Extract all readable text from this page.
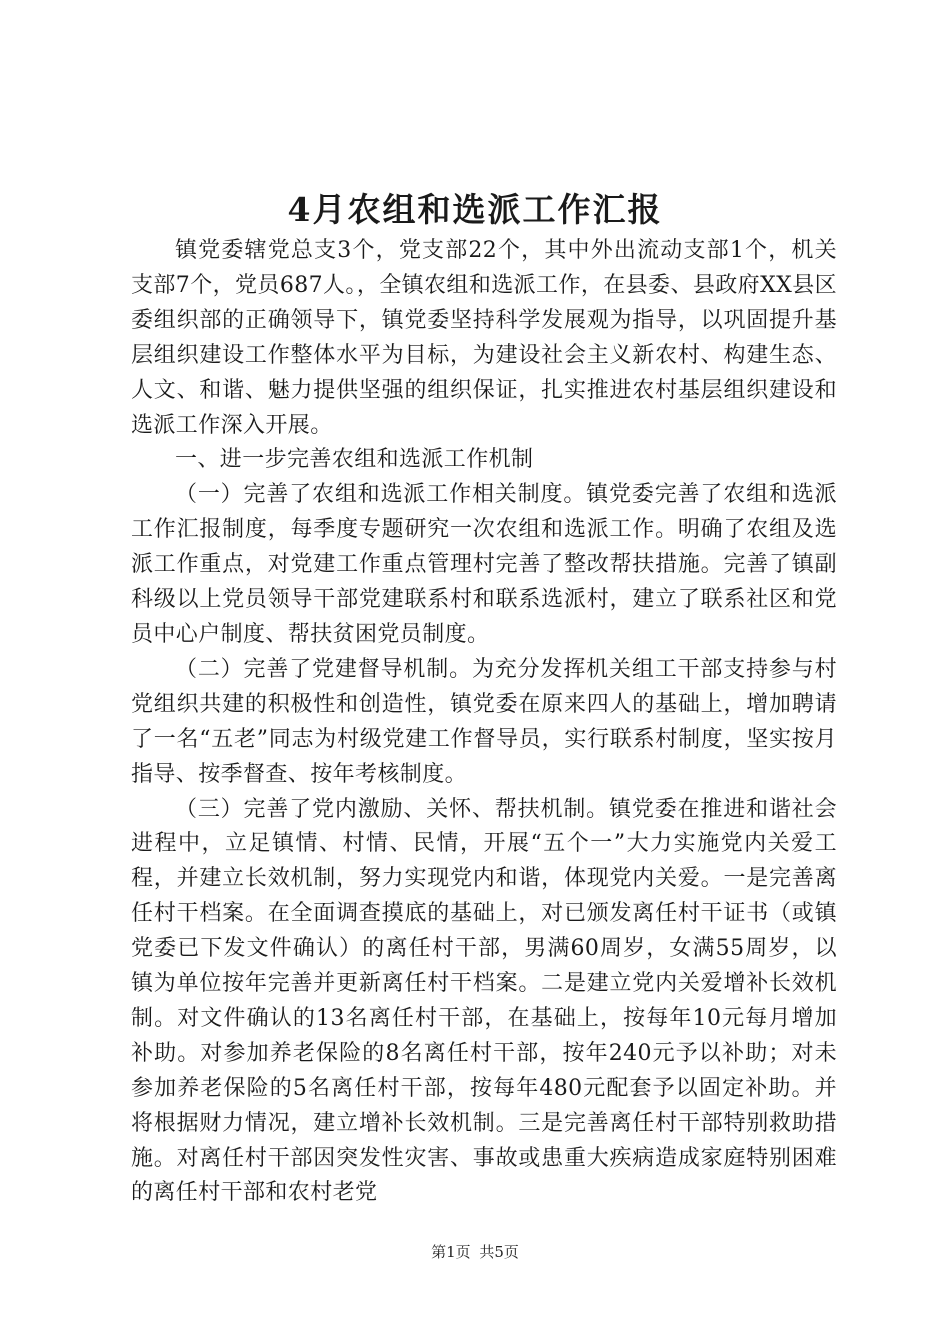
4月农组和选派工作汇报

镇党委辖党总支3个，党支部22个，其中外出流动支部1个，机关支部7个，党员687人。，全镇农组和选派工作，在县委、县政府XX县区委组织部的正确领导下，镇党委坚持科学发展观为指导，以巩固提升基层组织建设工作整体水平为目标，为建设社会主义新农村、构建生态、人文、和谐、魅力提供坚强的组织保证，扎实推进农村基层组织建设和选派工作深入开展。

一、进一步完善农组和选派工作机制

（一）完善了农组和选派工作相关制度。镇党委完善了农组和选派工作汇报制度，每季度专题研究一次农组和选派工作。明确了农组及选派工作重点，对党建工作重点管理村完善了整改帮扶措施。完善了镇副科级以上党员领导干部党建联系村和联系选派村，建立了联系社区和党员中心户制度、帮扶贫困党员制度。

（二）完善了党建督导机制。为充分发挥机关组工干部支持参与村党组织共建的积极性和创造性，镇党委在原来四人的基础上，增加聘请了一名“五老”同志为村级党建工作督导员，实行联系村制度，坚实按月指导、按季督查、按年考核制度。

（三）完善了党内激励、关怀、帮扶机制。镇党委在推进和谐社会进程中，立足镇情、村情、民情，开展“五个一”大力实施党内关爱工程，并建立长效机制，努力实现党内和谐，体现党内关爱。一是完善离任村干档案。在全面调查摸底的基础上，对已颁发离任村干证书（或镇党委已下发文件确认）的离任村干部，男满60周岁，女满55周岁，以镇为单位按年完善并更新离任村干档案。二是建立党内关爱增补长效机制。对文件确认的13名离任村干部，在基础上，按每年10元每月增加补助。对参加养老保险的8名离任村干部，按年240元予以补助；对未参加养老保险的5名离任村干部，按每年480元配套予以固定补助。并将根据财力情况，建立增补长效机制。三是完善离任村干部特别救助措施。对离任村干部因突发性灾害、事故或患重大疾病造成家庭特别困难的离任村干部和农村老党

第1页 共5页
